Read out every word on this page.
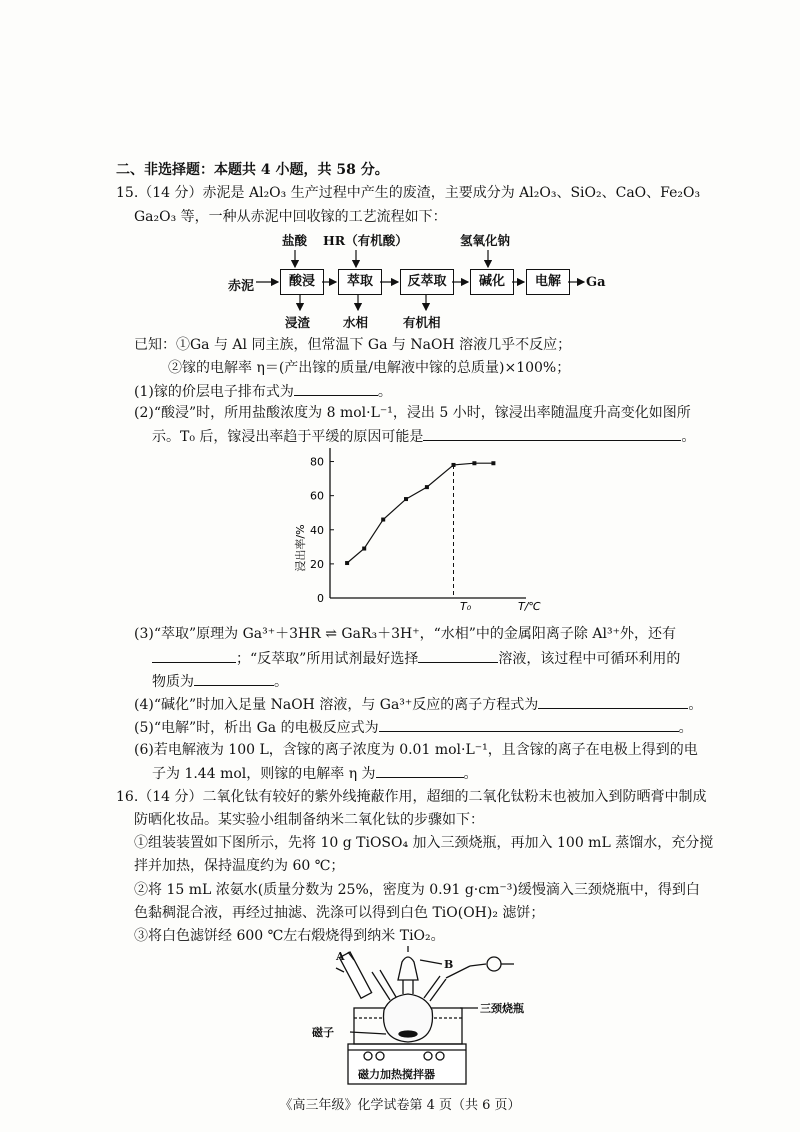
二、非选择题：本题共 4 小题，共 58 分。
15.（14 分）赤泥是 Al₂O₃ 生产过程中产生的废渣，主要成分为 Al₂O₃、SiO₂、CaO、Fe₂O₃
Ga₂O₃ 等，一种从赤泥中回收镓的工艺流程如下：
盐酸 HR（有机酸）	氢氧化钠
赤泥	酸浸	萃取	反萃取	碱化	电解	Ga
浸渣	水相	有机相
已知：①Ga 与 Al 同主族，但常温下 Ga 与 NaOH 溶液几乎不反应；
②镓的电解率 η＝(产出镓的质量/电解液中镓的总质量)×100%；
(1)镓的价层电子排布式为	。
(2)“酸浸”时，所用盐酸浓度为 8 mol·L⁻¹，浸出 5 小时，镓浸出率随温度升高变化如图所
示。T₀ 后，镓浸出率趋于平缓的原因可能是	。
0
20
40
60
80
浸出率/%
T/℃
T₀
(3)“萃取”原理为 Ga³⁺＋3HR ⇌ GaR₃＋3H⁺，“水相”中的金属阳离子除 Al³⁺外，还有
；“反萃取”所用试剂最好选择	溶液，该过程中可循环利用的
物质为	。
(4)“碱化”时加入足量 NaOH 溶液，与 Ga³⁺反应的离子方程式为	。
(5)“电解”时，析出 Ga 的电极反应式为	。
(6)若电解液为 100 L，含镓的离子浓度为 0.01 mol·L⁻¹，且含镓的离子在电极上得到的电
子为 1.44 mol，则镓的电解率 η 为	。
16.（14 分）二氧化钛有较好的紫外线掩蔽作用，超细的二氧化钛粉末也被加入到防晒膏中制成
防晒化妆品。某实验小组制备纳米二氧化钛的步骤如下：
①组装装置如下图所示，先将 10 g TiOSO₄ 加入三颈烧瓶，再加入 100 mL 蒸馏水，充分搅
拌并加热，保持温度约为 60 ℃；
②将 15 mL 浓氨水(质量分数为 25%，密度为 0.91 g·cm⁻³)缓慢滴入三颈烧瓶中，得到白
色黏稠混合液，再经过抽滤、洗涤可以得到白色 TiO(OH)₂ 滤饼；
③将白色滤饼经 600 ℃左右煅烧得到纳米 TiO₂。
A
B
三颈烧瓶
磁子
磁力加热搅拌器
《高三年级》化学试卷第 4 页（共 6 页）
